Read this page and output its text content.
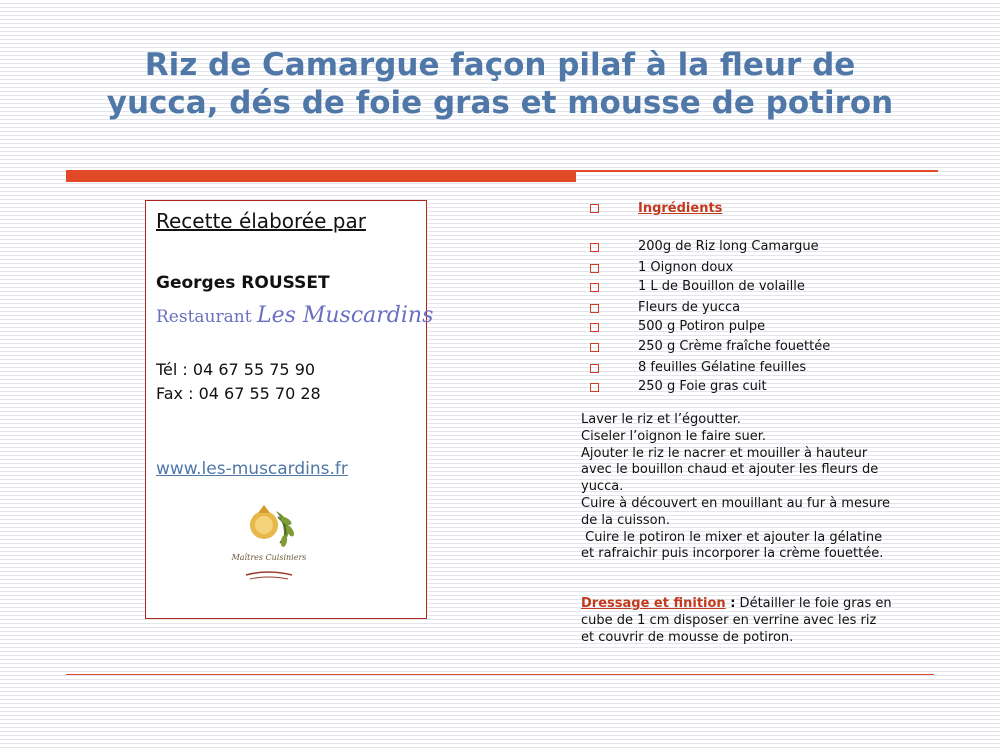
Riz de Camargue façon pilaf à la fleur de
yucca, dés de foie gras et mousse de potiron
Recette élaborée par
Georges ROUSSET
Restaurant Les Muscardins
Tél : 04 67 55 75 90
Fax : 04 67 55 70 28
www.les-muscardins.fr
Maîtres Cuisiniers
Ingrédients
200g de Riz long Camargue
1 Oignon doux
1 L de Bouillon de volaille
Fleurs de yucca
500 g Potiron pulpe
250 g Crème fraîche fouettée
8 feuilles Gélatine feuilles
250 g Foie gras cuit
Laver le riz et l’égoutter.
Ciseler l’oignon le faire suer.
Ajouter le riz le nacrer et mouiller à hauteur
avec le bouillon chaud et ajouter les fleurs de
yucca.
Cuire à découvert en mouillant au fur à mesure
de la cuisson.
Cuire le potiron le mixer et ajouter la gélatine
et rafraichir puis incorporer la crème fouettée.
Dressage et finition : Détailler le foie gras en
cube de 1 cm disposer en verrine avec les riz
et couvrir de mousse de potiron.
